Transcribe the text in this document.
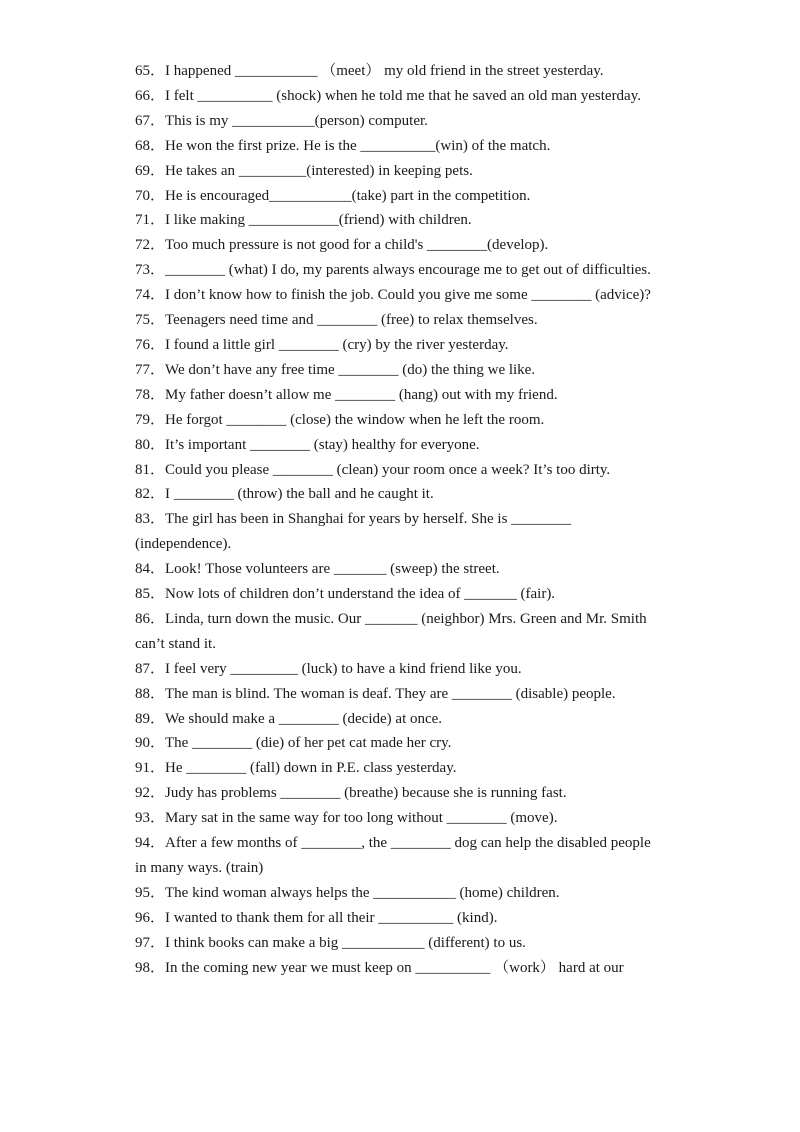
65．I happened ___________ （meet） my old friend in the street yesterday.
66．I felt __________ (shock) when he told me that he saved an old man yesterday.
67．This is my ___________(person) computer.
68．He won the first prize. He is the __________(win) of the match.
69．He takes an _________(interested) in keeping pets.
70．He is encouraged___________(take) part in the competition.
71．I like making ____________(friend) with children.
72．Too much pressure is not good for a child's ________(develop).
73．________ (what) I do, my parents always encourage me to get out of difficulties.
74．I don’t know how to finish the job. Could you give me some ________ (advice)?
75．Teenagers need time and ________ (free) to relax themselves.
76．I found a little girl ________ (cry) by the river yesterday.
77．We don’t have any free time ________ (do) the thing we like.
78．My father doesn’t allow me ________ (hang) out with my friend.
79．He forgot ________ (close) the window when he left the room.
80．It’s important ________ (stay) healthy for everyone.
81．Could you please ________ (clean) your room once a week? It’s too dirty.
82．I ________ (throw) the ball and he caught it.
83．The girl has been in Shanghai for years by herself. She is ________ (independence).
84．Look! Those volunteers are _______ (sweep) the street.
85．Now lots of children don’t understand the idea of _______ (fair).
86．Linda, turn down the music. Our _______ (neighbor) Mrs. Green and Mr. Smith can’t stand it.
87．I feel very _________ (luck) to have a kind friend like you.
88．The man is blind. The woman is deaf. They are ________ (disable) people.
89．We should make a ________ (decide) at once.
90．The ________ (die) of her pet cat made her cry.
91．He ________ (fall) down in P.E. class yesterday.
92．Judy has problems ________ (breathe) because she is running fast.
93．Mary sat in the same way for too long without ________ (move).
94．After a few months of ________, the ________ dog can help the disabled people in many ways. (train)
95．The kind woman always helps the ___________ (home) children.
96．I wanted to thank them for all their __________ (kind).
97．I think books can make a big ___________ (different) to us.
98．In the coming new year we must keep on __________ （work） hard at our
